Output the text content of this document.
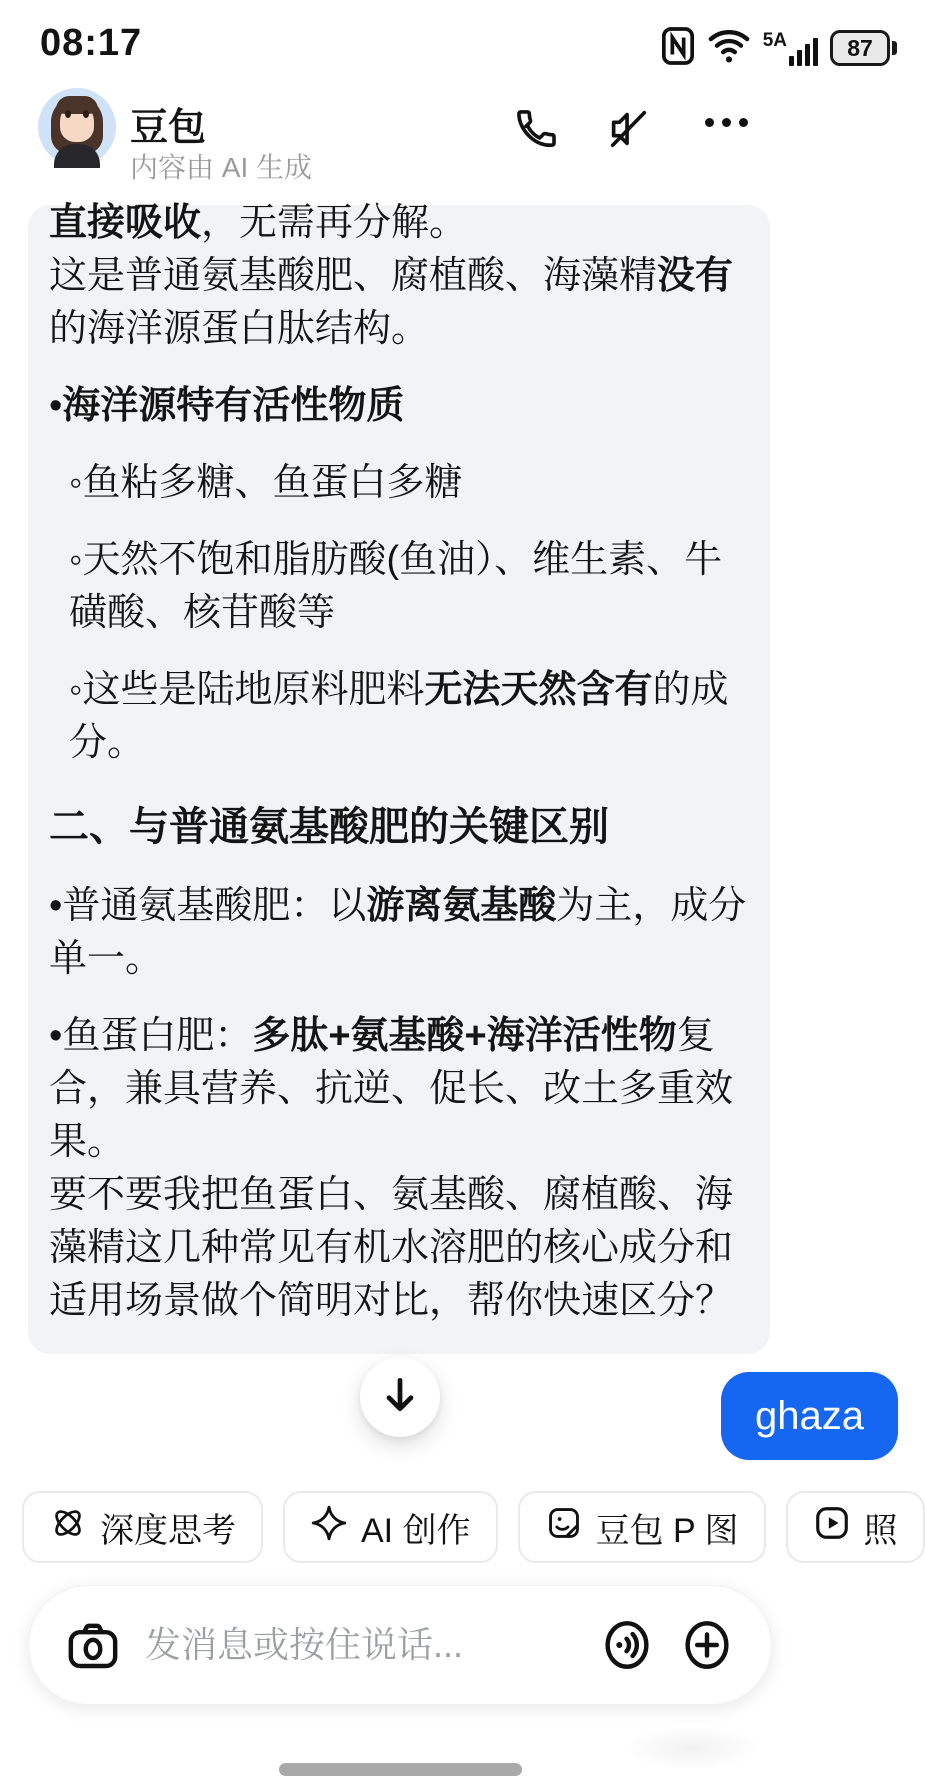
08:17	5A	87
豆包
内容由 AI 生成
直接吸收，无需再分解。
这是普通氨基酸肥、腐植酸、海藻精没有的海洋源蛋白肽结构。
•海洋源特有活性物质
◦鱼粘多糖、鱼蛋白多糖
◦天然不饱和脂肪酸(鱼油）、维生素、牛磺酸、核苷酸等
◦这些是陆地原料肥料无法天然含有的成分。
二、与普通氨基酸肥的关键区别
•普通氨基酸肥：以游离氨基酸为主，成分单一。
•鱼蛋白肥：多肽+氨基酸+海洋活性物复合，兼具营养、抗逆、促长、改土多重效果。
要不要我把鱼蛋白、氨基酸、腐植酸、海藻精这几种常见有机水溶肥的核心成分和适用场景做个简明对比，帮你快速区分？
ghaza
深度思考	AI 创作	豆包 P 图	照
发消息或按住说话...
